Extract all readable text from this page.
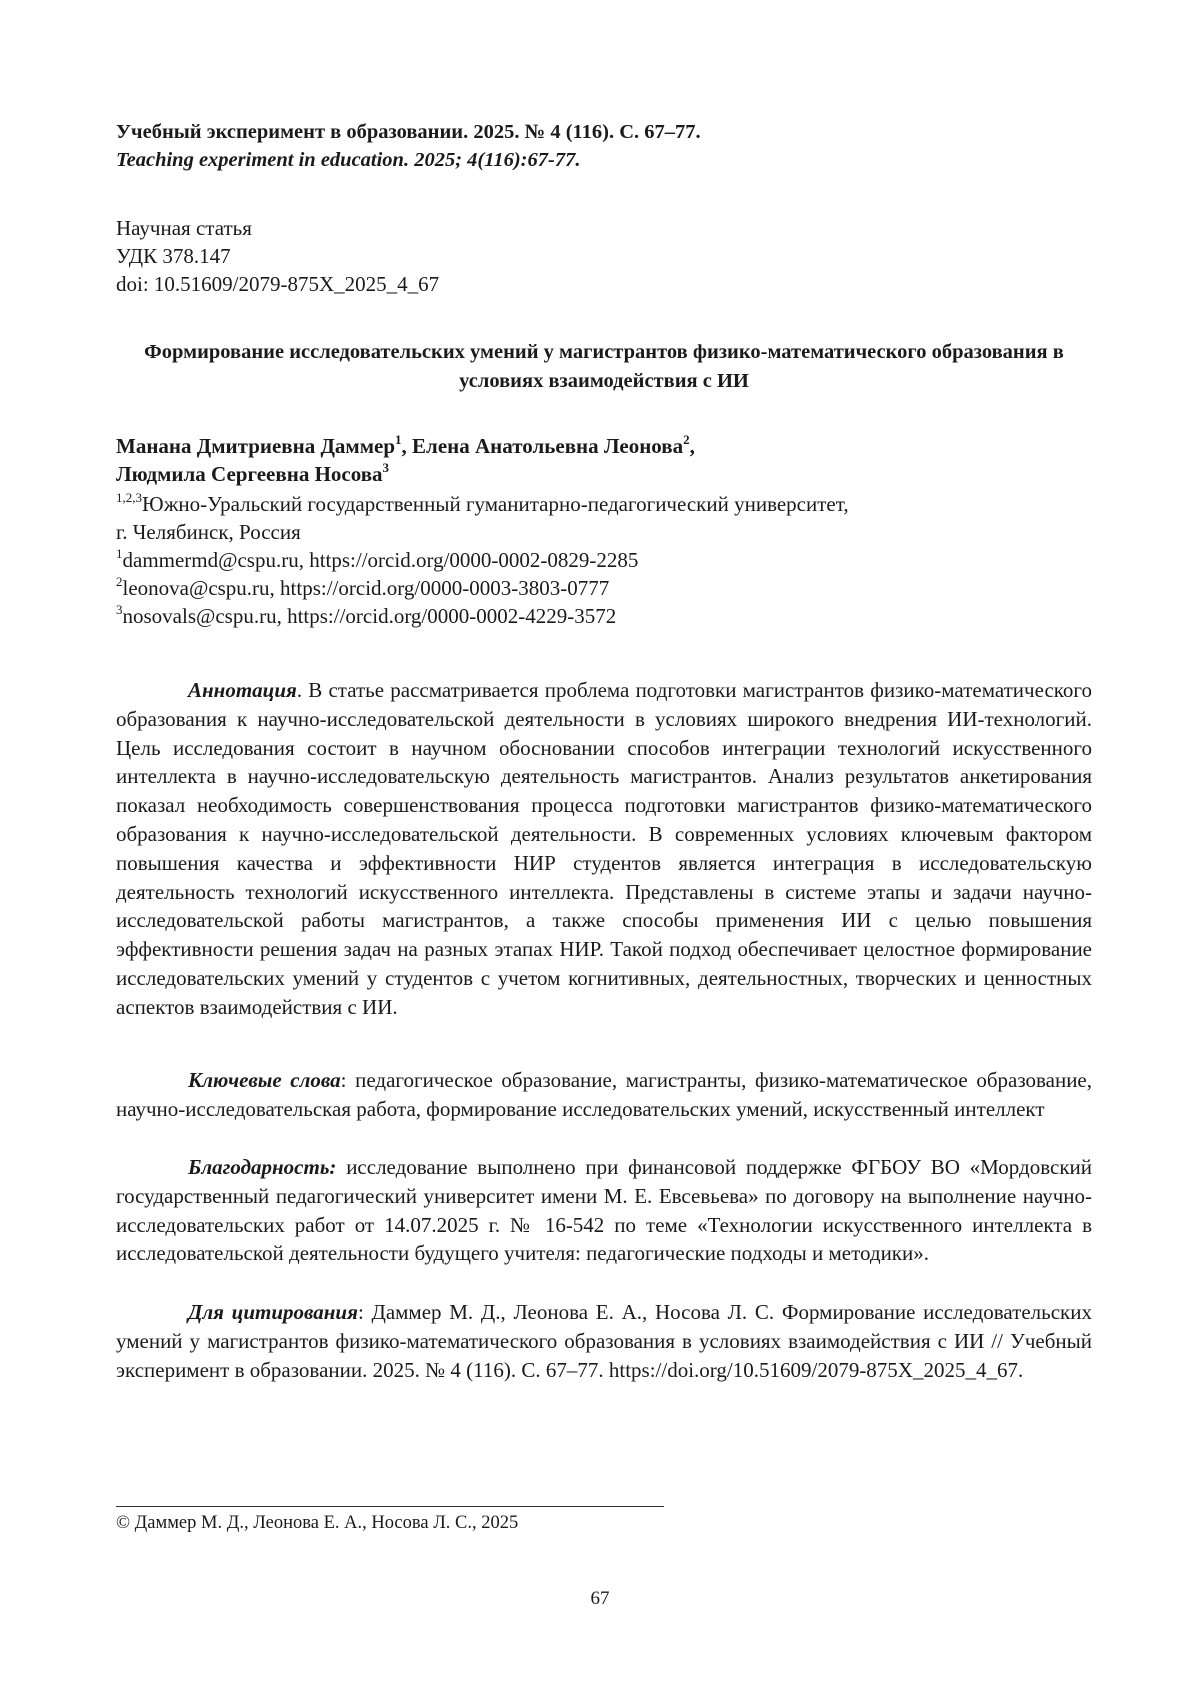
Учебный эксперимент в образовании. 2025. № 4 (116). С. 67–77.
Teaching experiment in education. 2025; 4(116):67-77.
Научная статья
УДК 378.147
doi: 10.51609/2079-875X_2025_4_67
Формирование исследовательских умений у магистрантов физико-математического образования в условиях взаимодействия с ИИ
Манана Дмитриевна Даммер$^1$, Елена Анатольевна Леонова$^2$,
Людмила Сергеевна Носова$^3$
$^{1,2,3}$Южно-Уральский государственный гуманитарно-педагогический университет,
г. Челябинск, Россия
$^1$dammermd@cspu.ru, https://orcid.org/0000-0002-0829-2285
$^2$leonova@cspu.ru, https://orcid.org/0000-0003-3803-0777
$^3$nosovals@cspu.ru, https://orcid.org/0000-0002-4229-3572

Аннотация. В статье рассматривается проблема подготовки магистрантов физико-математического образования к научно-исследовательской деятельности в условиях широкого внедрения ИИ-технологий. Цель исследования состоит в научном обосновании способов интеграции технологий искусственного интеллекта в научно-исследовательскую деятельность магистрантов. Анализ результатов анкетирования показал необходимость совершенствования процесса подготовки магистрантов физико-математического образования к научно-исследовательской деятельности. В современных условиях ключевым фактором повышения качества и эффективности НИР студентов является интеграция в исследовательскую деятельность технологий искусственного интеллекта. Представлены в системе этапы и задачи научно-исследовательской работы магистрантов, а также способы применения ИИ с целью повышения эффективности решения задач на разных этапах НИР. Такой подход обеспечивает целостное формирование исследовательских умений у студентов с учетом когнитивных, деятельностных, творческих и ценностных аспектов взаимодействия с ИИ.

Ключевые слова: педагогическое образование, магистранты, физико-математическое образование, научно-исследовательская работа, формирование исследовательских умений, искусственный интеллект

Благодарность: исследование выполнено при финансовой поддержке ФГБОУ ВО «Мордовский государственный педагогический университет имени М. Е. Евсевьева» по договору на выполнение научно-исследовательских работ от 14.07.2025 г. № 16-542 по теме «Технологии искусственного интеллекта в исследовательской деятельности будущего учителя: педагогические подходы и методики».

Для цитирования: Даммер М. Д., Леонова Е. А., Носова Л. С. Формирование исследовательских умений у магистрантов физико-математического образования в условиях взаимодействия с ИИ // Учебный эксперимент в образовании. 2025. № 4 (116). С. 67–77. https://doi.org/10.51609/2079-875X_2025_4_67.

© Даммер М. Д., Леонова Е. А., Носова Л. С., 2025
67
